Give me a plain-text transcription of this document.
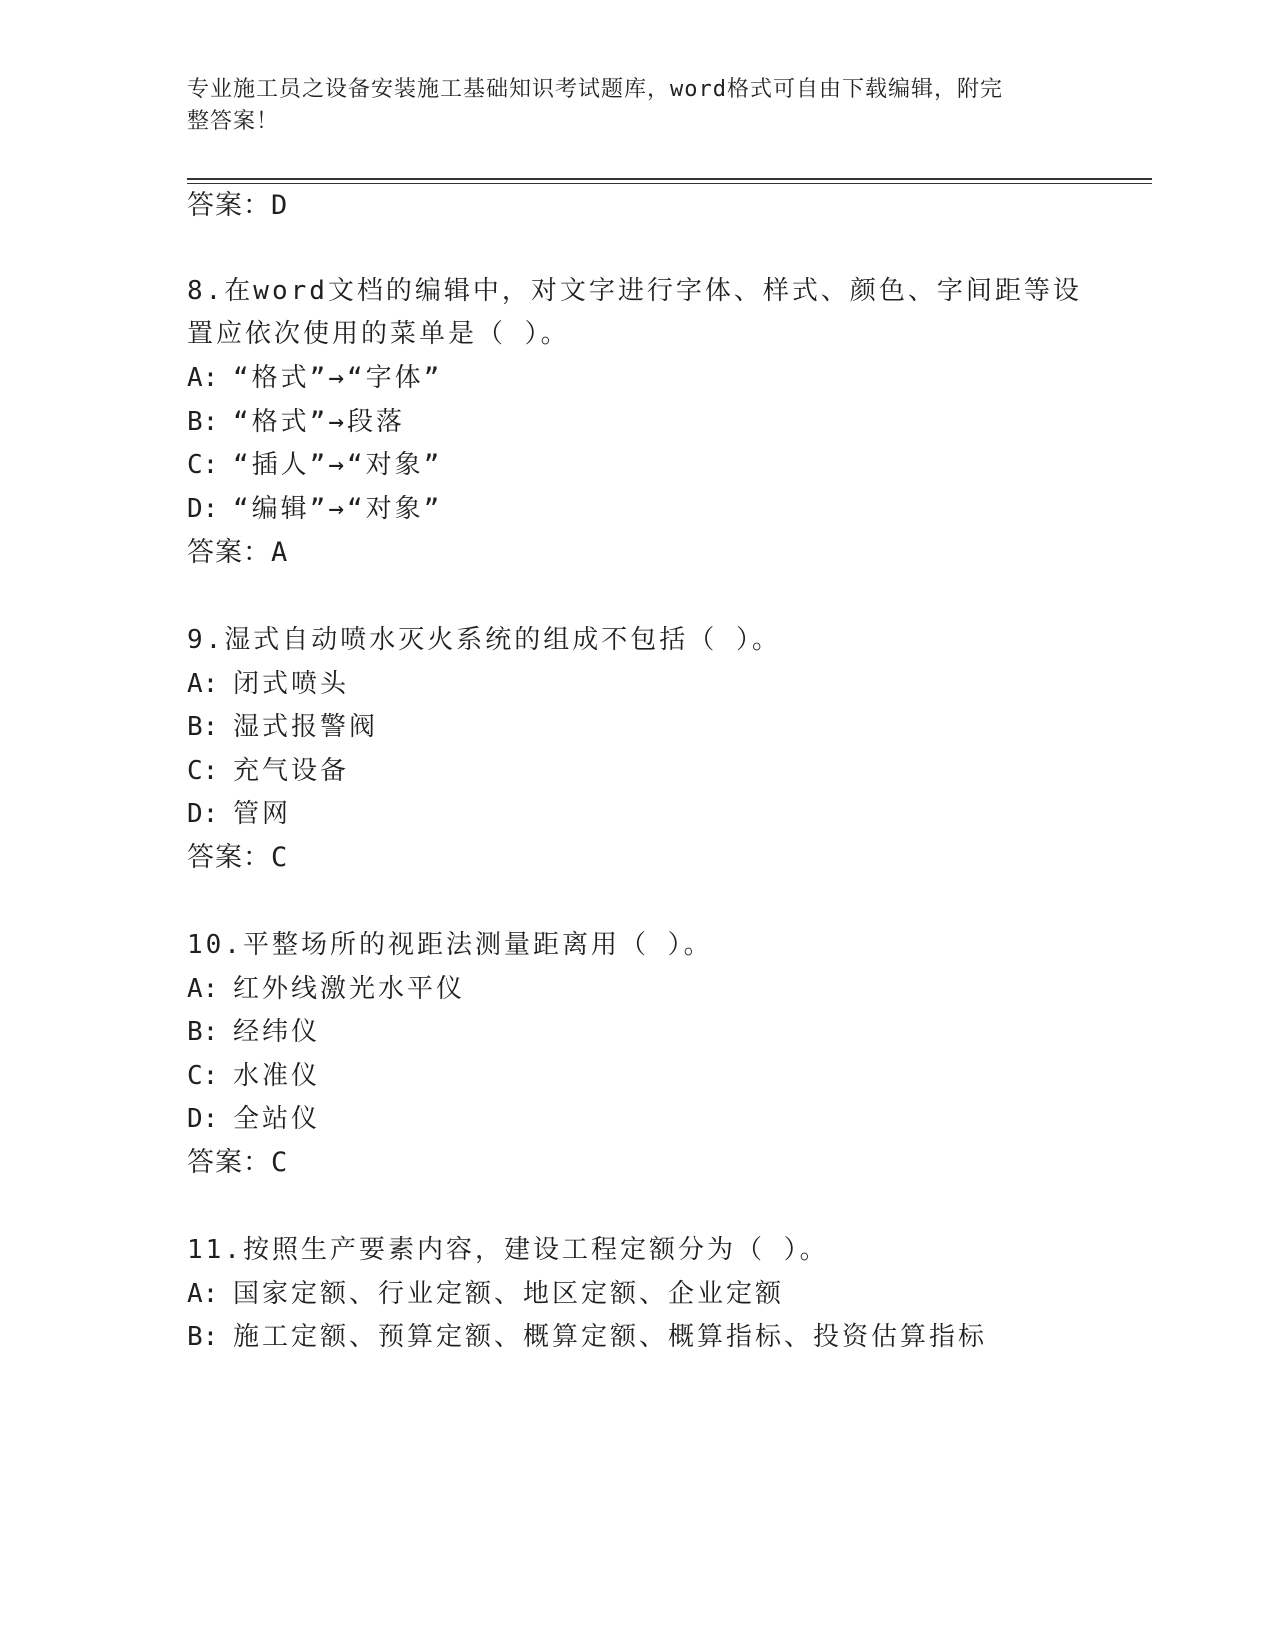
专业施工员之设备安装施工基础知识考试题库，word格式可自由下载编辑，附完
整答案！
答案：D
8.在word文档的编辑中，对文字进行字体、样式、颜色、字间距等设
置应依次使用的菜单是（ ）。
A: “格式”→“字体”
B: “格式”→段落
C: “插人”→“对象”
D: “编辑”→“对象”
答案：A
9.湿式自动喷水灭火系统的组成不包括（ ）。
A: 闭式喷头
B: 湿式报警阀
C: 充气设备
D: 管网
答案：C
10.平整场所的视距法测量距离用（ ）。
A: 红外线激光水平仪
B: 经纬仪
C: 水准仪
D: 全站仪
答案：C
11.按照生产要素内容，建设工程定额分为（ ）。
A: 国家定额、行业定额、地区定额、企业定额
B: 施工定额、预算定额、概算定额、概算指标、投资估算指标
